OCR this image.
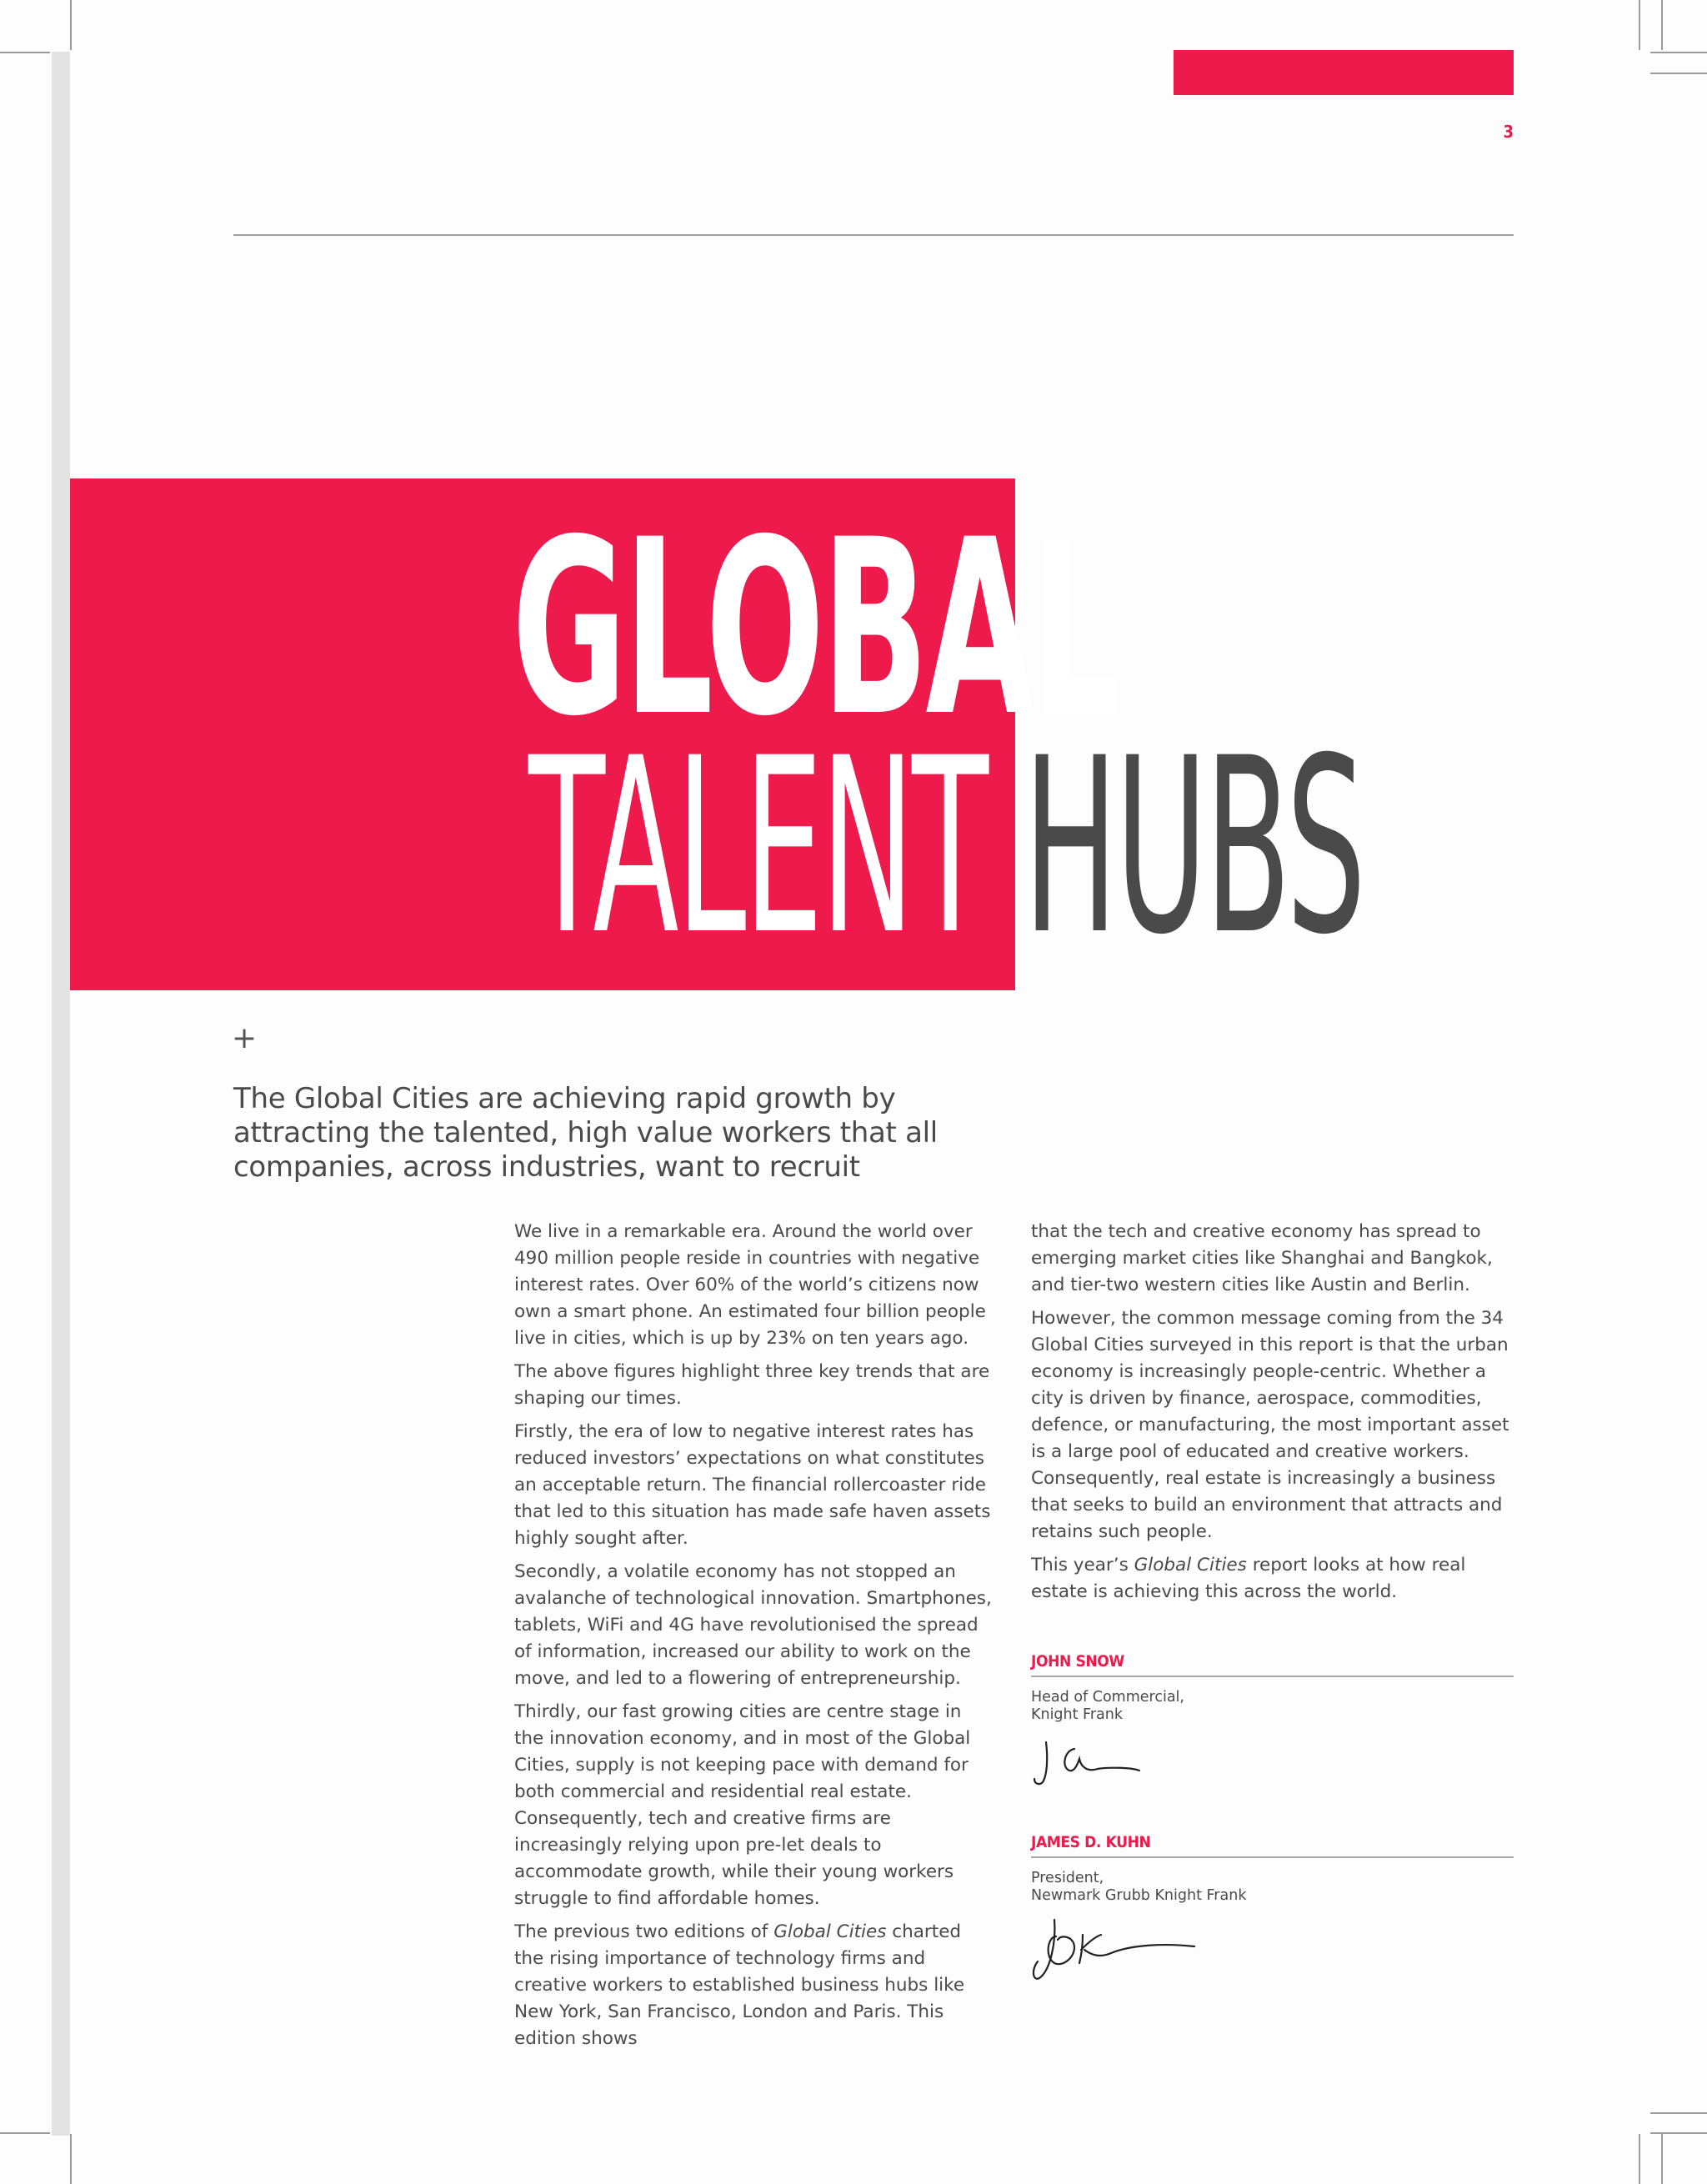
3
GLOBAL
TALENT HUBS
+

The Global Cities are achieving rapid growth by attracting the talented, high value workers that all companies, across industries, want to recruit

We live in a remarkable era. Around the world over 490 million people reside in countries with negative interest rates. Over 60% of the world’s citizens now own a smart phone. An estimated four billion people live in cities, which is up by 23% on ten years ago.

The above figures highlight three key trends that are shaping our times.

Firstly, the era of low to negative interest rates has reduced investors’ expectations on what constitutes an acceptable return. The financial rollercoaster ride that led to this situation has made safe haven assets highly sought after.

Secondly, a volatile economy has not stopped an avalanche of technological innovation. Smartphones, tablets, WiFi and 4G have revolutionised the spread of information, increased our ability to work on the move, and led to a flowering of entrepreneurship.

Thirdly, our fast growing cities are centre stage in the innovation economy, and in most of the Global Cities, supply is not keeping pace with demand for both commercial and residential real estate. Consequently, tech and creative firms are increasingly relying upon pre-let deals to accommodate growth, while their young workers struggle to find affordable homes.

The previous two editions of Global Cities charted the rising importance of technology firms and creative workers to established business hubs like New York, San Francisco, London and Paris. This edition shows

that the tech and creative economy has spread to emerging market cities like Shanghai and Bangkok, and tier-two western cities like Austin and Berlin.

However, the common message coming from the 34 Global Cities surveyed in this report is that the urban economy is increasingly people-centric. Whether a city is driven by finance, aerospace, commodities, defence, or manufacturing, the most important asset is a large pool of educated and creative workers. Consequently, real estate is increasingly a business that seeks to build an environment that attracts and retains such people.

This year’s Global Cities report looks at how real estate is achieving this across the world.

JOHN SNOW
Head of Commercial,
Knight Frank
JAMES D. KUHN
President,
Newmark Grubb Knight Frank
